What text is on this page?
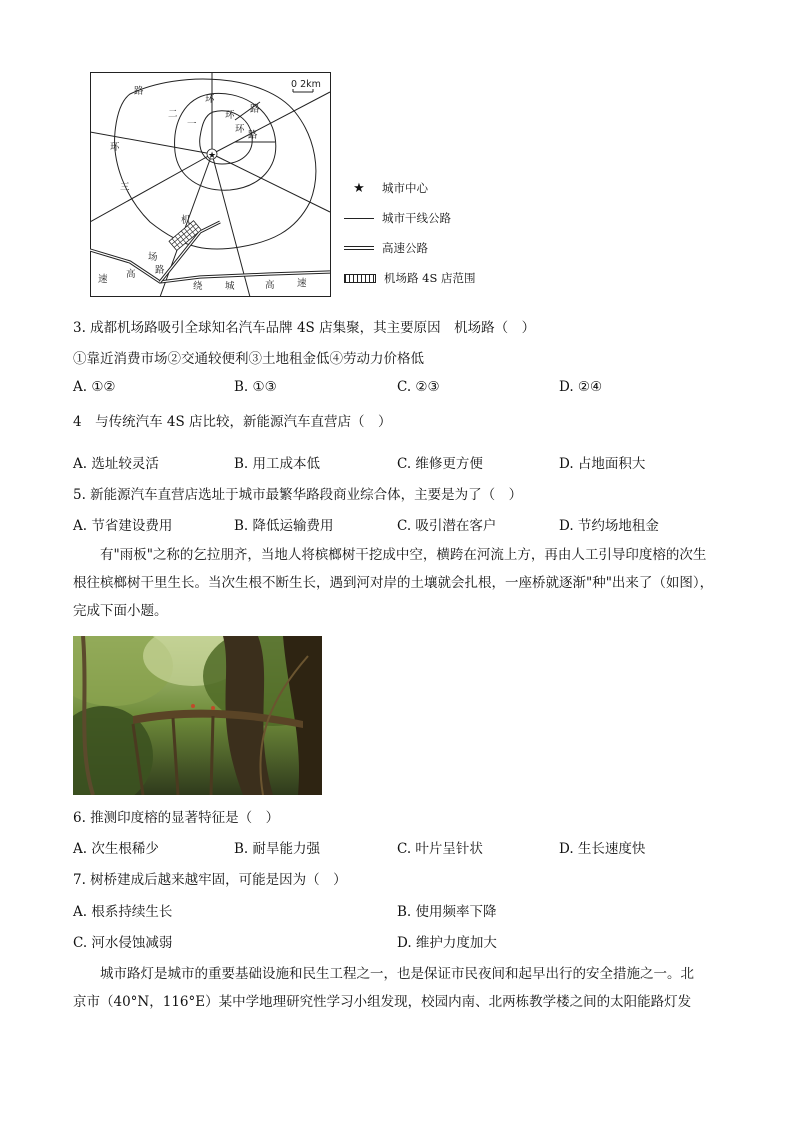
★
0 2km
路
环
路
二
一
环
环
路
环
三
机
场
速 高 路
绕 城	高 速
★	城市中心
城市干线公路
高速公路
机场路 4S 店范围
3. 成都机场路吸引全球知名汽车品牌 4S 店集聚，其主要原因　机场路（　）
①靠近消费市场②交通较便利③土地租金低④劳动力价格低
A. ①②	B. ①③	C. ②③	D. ②④
4　与传统汽车 4S 店比较，新能源汽车直营店（　）
A. 选址较灵活	B. 用工成本低	C. 维修更方便	D. 占地面积大
5. 新能源汽车直营店选址于城市最繁华路段商业综合体，主要是为了（　）
A. 节省建设费用	B. 降低运输费用	C. 吸引潜在客户	D. 节约场地租金
有"雨板"之称的乞拉朋齐，当地人将槟榔树干挖成中空，横跨在河流上方，再由人工引导印度榕的次生
根往槟榔树干里生长。当次生根不断生长，遇到河对岸的土壤就会扎根，一座桥就逐渐"种"出来了（如图），
完成下面小题。
6. 推测印度榕的显著特征是（　）
A. 次生根稀少	B. 耐旱能力强	C. 叶片呈针状	D. 生长速度快
7. 树桥建成后越来越牢固，可能是因为（　）
A. 根系持续生长	B. 使用频率下降
C. 河水侵蚀减弱	D. 维护力度加大
城市路灯是城市的重要基础设施和民生工程之一，也是保证市民夜间和起早出行的安全措施之一。北
京市（40°N，116°E）某中学地理研究性学习小组发现，校园内南、北两栋教学楼之间的太阳能路灯发
